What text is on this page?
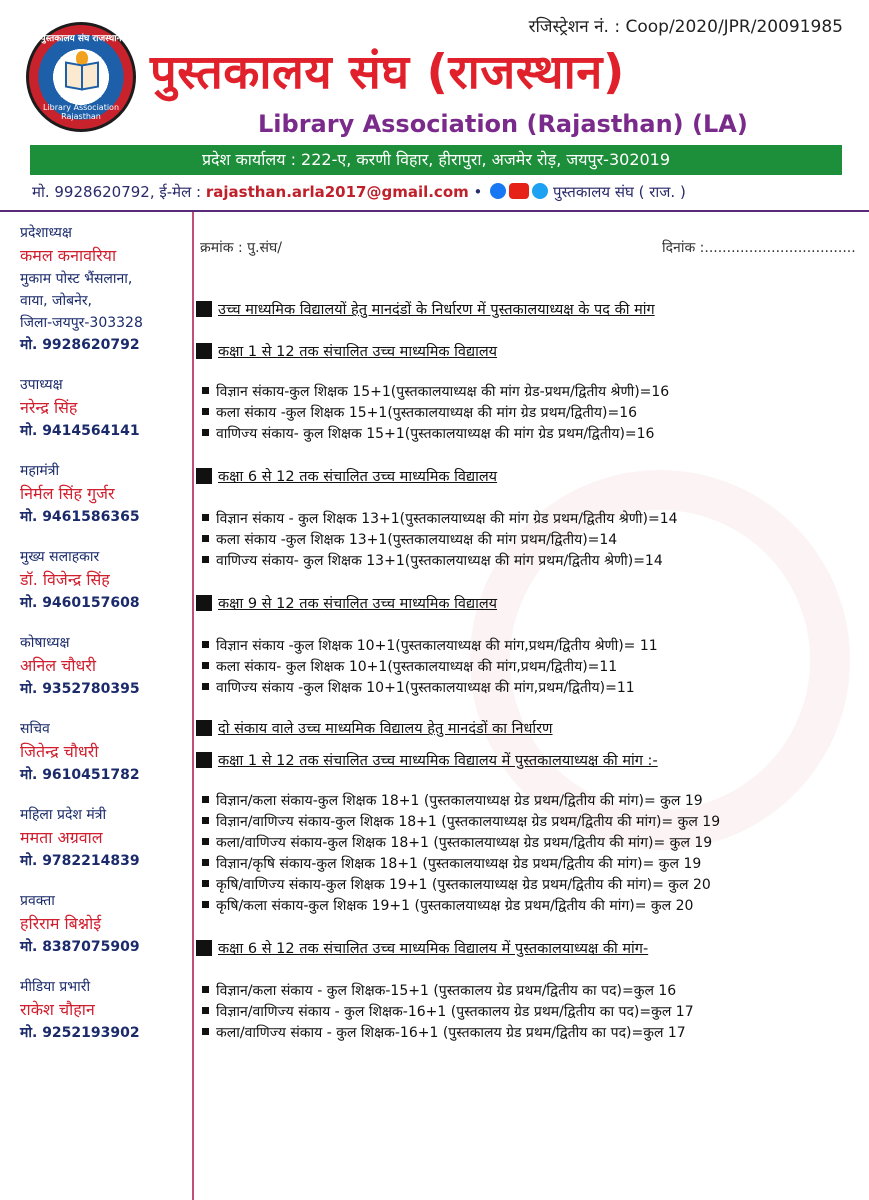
रजिस्ट्रेशन नं. : Coop/2020/JPR/20091985
पुस्तकालय संघ राजस्थान
Library Association Rajasthan
पुस्तकालय संघ (राजस्थान)
Library Association (Rajasthan) (LA)
प्रदेश कार्यालय : 222-ए, करणी विहार, हीरापुरा, अजमेर रोड़, जयपुर-302019
मो. 9928620792, ई-मेल : rajasthan.arla2017@gmail.com •	पुस्तकालय संघ ( राज. )
प्रदेशाध्यक्ष
कमल कनावरिया
मुकाम पोस्ट भैंसलाना,
वाया, जोबनेर,
जिला-जयपुर-303328
मो. 9928620792
उपाध्यक्ष
नरेन्द्र सिंह
मो. 9414564141
महामंत्री
निर्मल सिंह गुर्जर
मो. 9461586365
मुख्य सलाहकार
डॉ. विजेन्द्र सिंह
मो. 9460157608
कोषाध्यक्ष
अनिल चौधरी
मो. 9352780395
सचिव
जितेन्द्र चौधरी
मो. 9610451782
महिला प्रदेश मंत्री
ममता अग्रवाल
मो. 9782214839
प्रवक्ता
हरिराम बिश्नोई
मो. 8387075909
मीडिया प्रभारी
राकेश चौहान
मो. 9252193902
क्रमांक : पु.संघ/	दिनांक :..................................
उच्च माध्यमिक विद्यालयों हेतु मानदंडों के निर्धारण में पुस्तकालयाध्यक्ष के पद की मांग
कक्षा 1 से 12 तक संचालित उच्च माध्यमिक विद्यालय
विज्ञान संकाय-कुल शिक्षक 15+1(पुस्तकालयाध्यक्ष की मांग ग्रेड-प्रथम/द्वितीय श्रेणी)=16
कला संकाय -कुल शिक्षक 15+1(पुस्तकालयाध्यक्ष की मांग ग्रेड प्रथम/द्वितीय)=16
वाणिज्य संकाय- कुल शिक्षक 15+1(पुस्तकालयाध्यक्ष की मांग ग्रेड प्रथम/द्वितीय)=16
कक्षा 6 से 12 तक संचालित उच्च माध्यमिक विद्यालय
विज्ञान संकाय - कुल शिक्षक 13+1(पुस्तकालयाध्यक्ष की मांग ग्रेड प्रथम/द्वितीय श्रेणी)=14
कला संकाय -कुल शिक्षक 13+1(पुस्तकालयाध्यक्ष की मांग प्रथम/द्वितीय)=14
वाणिज्य संकाय- कुल शिक्षक 13+1(पुस्तकालयाध्यक्ष की मांग प्रथम/द्वितीय श्रेणी)=14
कक्षा 9 से 12 तक संचालित उच्च माध्यमिक विद्यालय
विज्ञान संकाय -कुल शिक्षक 10+1(पुस्तकालयाध्यक्ष की मांग,प्रथम/द्वितीय श्रेणी)= 11
कला संकाय- कुल शिक्षक 10+1(पुस्तकालयाध्यक्ष की मांग,प्रथम/द्वितीय)=11
वाणिज्य संकाय -कुल शिक्षक 10+1(पुस्तकालयाध्यक्ष की मांग,प्रथम/द्वितीय)=11
दो संकाय वाले उच्च माध्यमिक विद्यालय हेतु मानदंडों का निर्धारण
कक्षा 1 से 12 तक संचालित उच्च माध्यमिक विद्यालय में पुस्तकालयाध्यक्ष की मांग :-
विज्ञान/कला संकाय-कुल शिक्षक 18+1 (पुस्तकालयाध्यक्ष ग्रेड प्रथम/द्वितीय की मांग)= कुल 19
विज्ञान/वाणिज्य संकाय-कुल शिक्षक 18+1 (पुस्तकालयाध्यक्ष ग्रेड प्रथम/द्वितीय की मांग)= कुल 19
कला/वाणिज्य संकाय-कुल शिक्षक 18+1 (पुस्तकालयाध्यक्ष ग्रेड प्रथम/द्वितीय की मांग)= कुल 19
विज्ञान/कृषि संकाय-कुल शिक्षक 18+1 (पुस्तकालयाध्यक्ष ग्रेड प्रथम/द्वितीय की मांग)= कुल 19
कृषि/वाणिज्य संकाय-कुल शिक्षक 19+1 (पुस्तकालयाध्यक्ष ग्रेड प्रथम/द्वितीय की मांग)= कुल 20
कृषि/कला संकाय-कुल शिक्षक 19+1 (पुस्तकालयाध्यक्ष ग्रेड प्रथम/द्वितीय की मांग)= कुल 20
कक्षा 6 से 12 तक संचालित उच्च माध्यमिक विद्यालय में पुस्तकालयाध्यक्ष की मांग-
विज्ञान/कला संकाय - कुल शिक्षक-15+1 (पुस्तकालय ग्रेड प्रथम/द्वितीय का पद)=कुल 16
विज्ञान/वाणिज्य संकाय - कुल शिक्षक-16+1 (पुस्तकालय ग्रेड प्रथम/द्वितीय का पद)=कुल 17
कला/वाणिज्य संकाय - कुल शिक्षक-16+1 (पुस्तकालय ग्रेड प्रथम/द्वितीय का पद)=कुल 17
